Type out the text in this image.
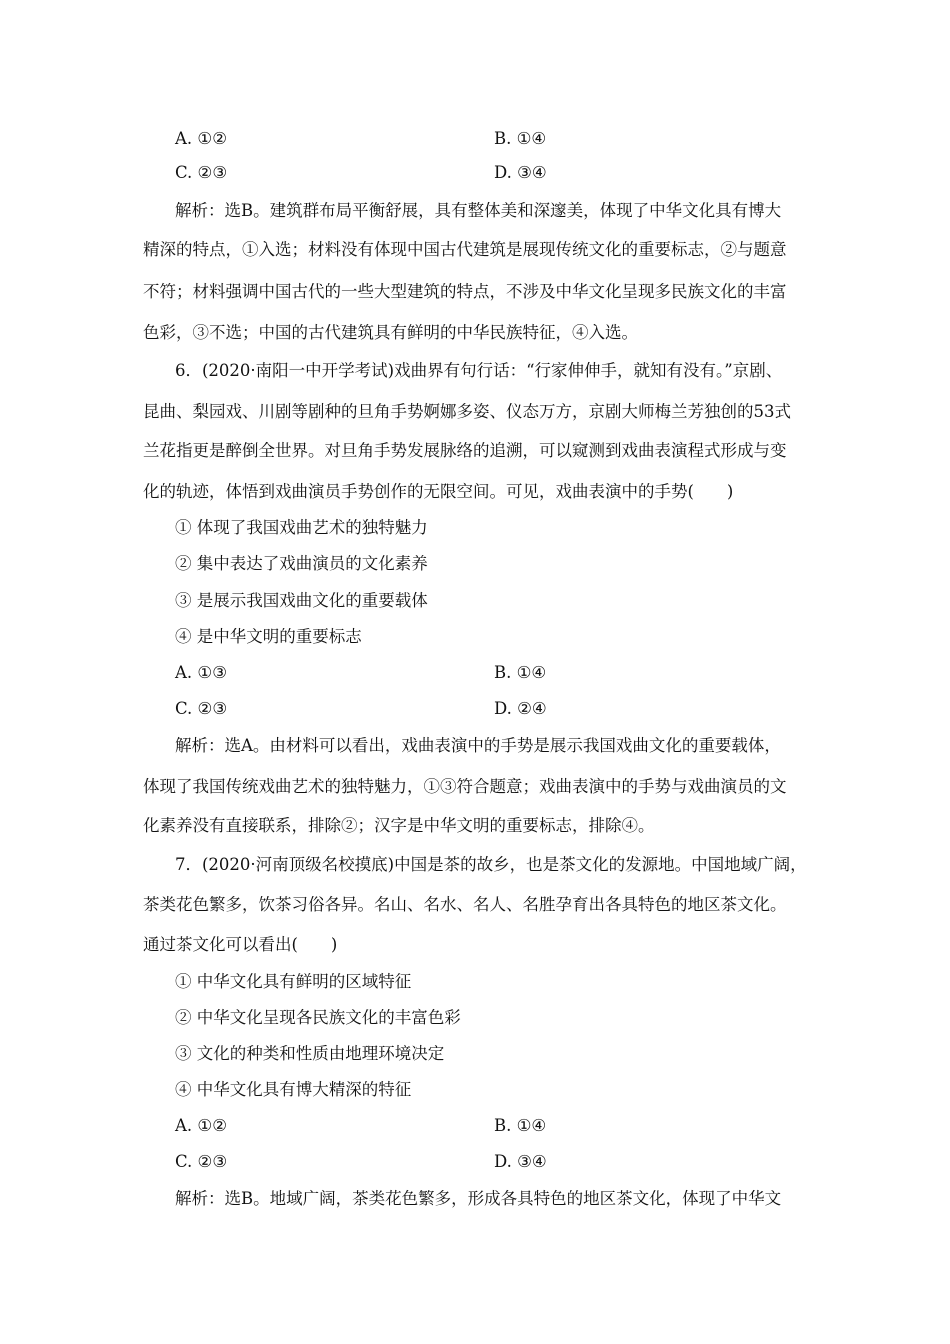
A. ①②	B. ①④
C. ②③	D. ③④
解析：选B。建筑群布局平衡舒展，具有整体美和深邃美，体现了中华文化具有博大
精深的特点，①入选；材料没有体现中国古代建筑是展现传统文化的重要标志，②与题意
不符；材料强调中国古代的一些大型建筑的特点，不涉及中华文化呈现多民族文化的丰富
色彩，③不选；中国的古代建筑具有鲜明的中华民族特征，④入选。
6．(2020·南阳一中开学考试)戏曲界有句行话：“行家伸伸手，就知有没有。”京剧、
昆曲、梨园戏、川剧等剧种的旦角手势婀娜多姿、仪态万方，京剧大师梅兰芳独创的53式
兰花指更是醉倒全世界。对旦角手势发展脉络的追溯，可以窥测到戏曲表演程式形成与变
化的轨迹，体悟到戏曲演员手势创作的无限空间。可见，戏曲表演中的手势(　　)
① 体现了我国戏曲艺术的独特魅力
② 集中表达了戏曲演员的文化素养
③ 是展示我国戏曲文化的重要载体
④ 是中华文明的重要标志
A. ①③	B. ①④
C. ②③	D. ②④
解析：选A。由材料可以看出，戏曲表演中的手势是展示我国戏曲文化的重要载体，
体现了我国传统戏曲艺术的独特魅力，①③符合题意；戏曲表演中的手势与戏曲演员的文
化素养没有直接联系，排除②；汉字是中华文明的重要标志，排除④。
7．(2020·河南顶级名校摸底)中国是茶的故乡，也是茶文化的发源地。中国地域广阔，
茶类花色繁多，饮茶习俗各异。名山、名水、名人、名胜孕育出各具特色的地区茶文化。
通过茶文化可以看出(　　)
① 中华文化具有鲜明的区域特征
② 中华文化呈现各民族文化的丰富色彩
③ 文化的种类和性质由地理环境决定
④ 中华文化具有博大精深的特征
A. ①②	B. ①④
C. ②③	D. ③④
解析：选B。地域广阔，茶类花色繁多，形成各具特色的地区茶文化，体现了中华文
